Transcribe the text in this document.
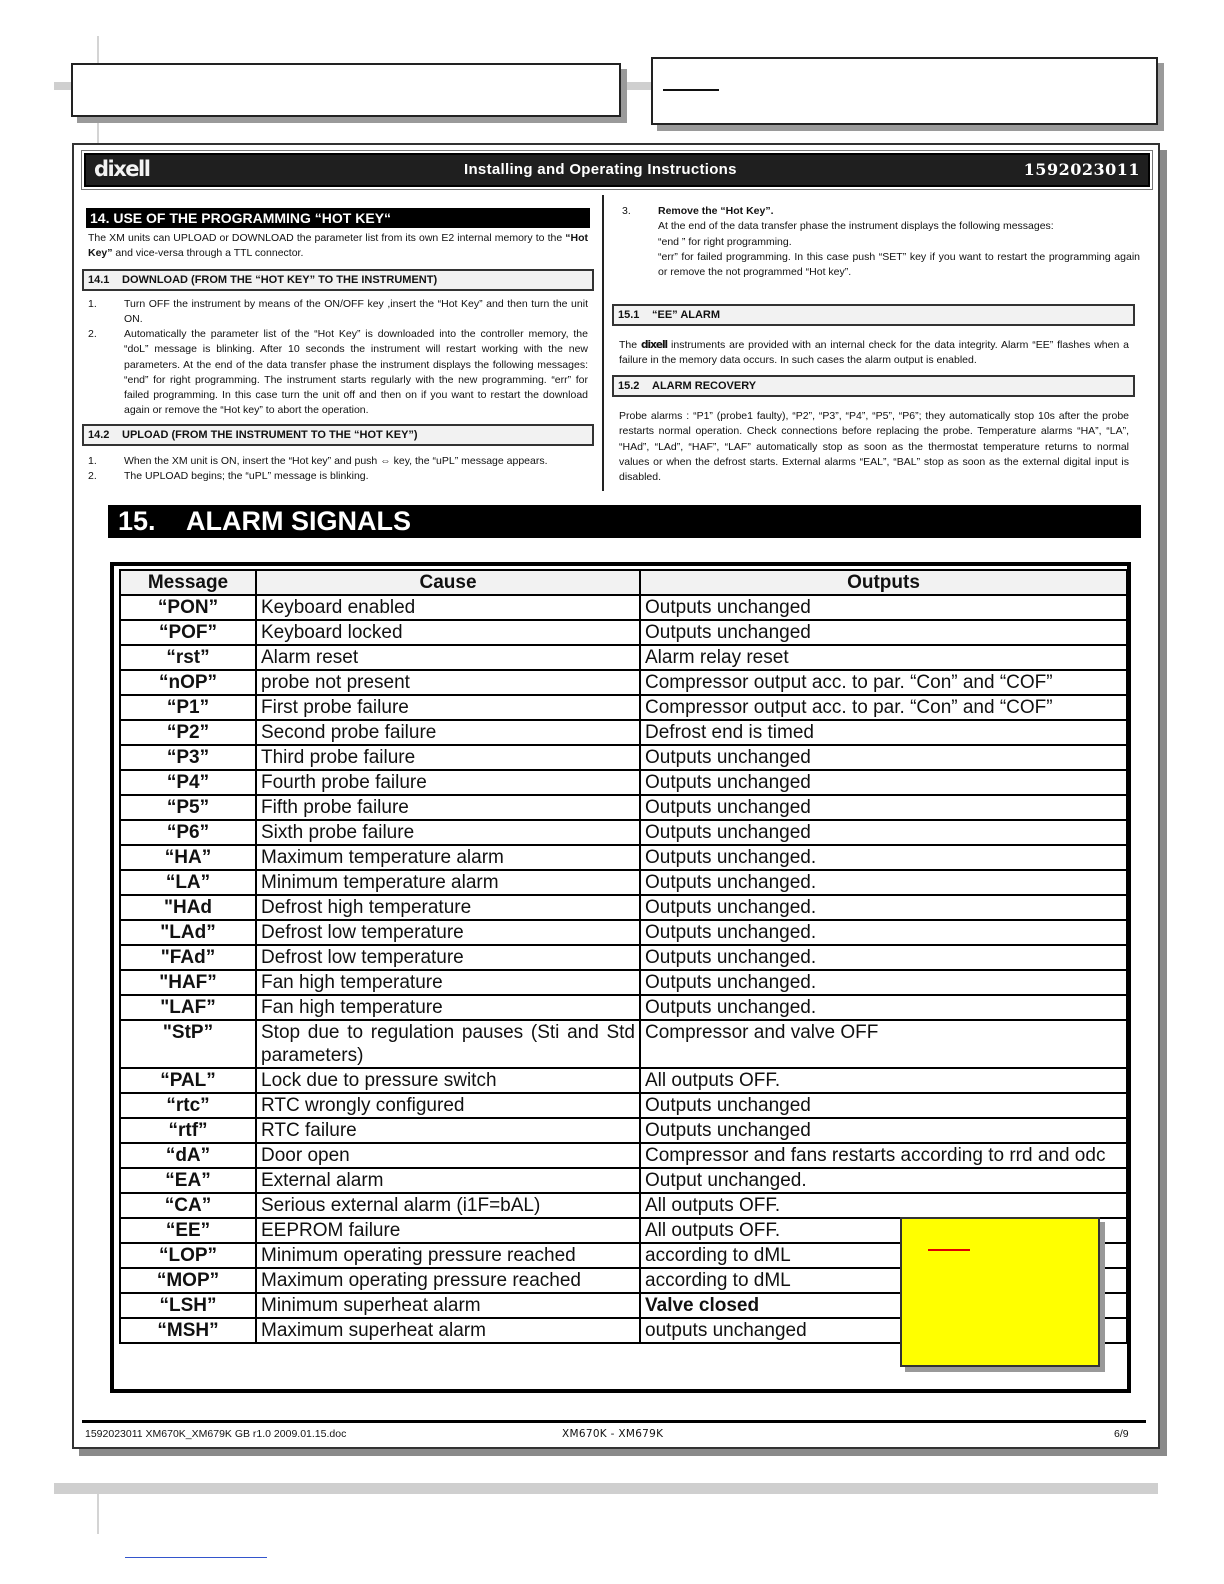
dixell	Installing and Operating Instructions	1592023011
14. USE OF THE PROGRAMMING “HOT KEY“
The XM units can UPLOAD or DOWNLOAD the parameter list from its own E2 internal memory to the “Hot Key” and vice-versa through a TTL connector.
14.1 DOWNLOAD (FROM THE “HOT KEY” TO THE INSTRUMENT)
1.	Turn OFF the instrument by means of the ON/OFF key ,insert the “Hot Key” and then turn the unit ON.
2.	Automatically the parameter list of the “Hot Key” is downloaded into the controller memory, the “doL” message is blinking. After 10 seconds the instrument will restart working with the new parameters. At the end of the data transfer phase the instrument displays the following messages: “end” for right programming. The instrument starts regularly with the new programming. “err” for failed programming. In this case turn the unit off and then on if you want to restart the download again or remove the “Hot key” to abort the operation.
14.2 UPLOAD (FROM THE INSTRUMENT TO THE “HOT KEY”)
1.	When the XM unit is ON, insert the “Hot key” and push ⇔ key, the “uPL” message appears.
2.	The UPLOAD begins; the “uPL” message is blinking.
3.	Remove the “Hot Key”.
At the end of the data transfer phase the instrument displays the following messages:
“end ” for right programming.
“err” for failed programming. In this case push “SET” key if you want to restart the programming again or remove the not programmed “Hot key”.
15.1 “EE” ALARM
The dixell instruments are provided with an internal check for the data integrity. Alarm “EE” flashes when a failure in the memory data occurs. In such cases the alarm output is enabled.
15.2 ALARM RECOVERY
Probe alarms : “P1” (probe1 faulty), “P2”, “P3”, “P4”, “P5”, “P6”; they automatically stop 10s after the probe restarts normal operation. Check connections before replacing the probe. Temperature alarms “HA”, “LA”, “HAd”, “LAd”, “HAF”, “LAF” automatically stop as soon as the thermostat temperature returns to normal values or when the defrost starts. External alarms “EAL”, “BAL” stop as soon as the external digital input is disabled.
15. ALARM SIGNALS
Message	Cause	Outputs
“PON”	Keyboard enabled	Outputs unchanged
“POF”	Keyboard locked	Outputs unchanged
“rst”	Alarm reset	Alarm relay reset
“nOP”	probe not present	Compressor output acc. to par. “Con” and “COF”
“P1”	First probe failure	Compressor output acc. to par. “Con” and “COF”
“P2”	Second probe failure	Defrost end is timed
“P3”	Third probe failure	Outputs unchanged
“P4”	Fourth probe failure	Outputs unchanged
“P5”	Fifth probe failure	Outputs unchanged
“P6”	Sixth probe failure	Outputs unchanged
“HA”	Maximum temperature alarm	Outputs unchanged.
“LA”	Minimum temperature alarm	Outputs unchanged.
"HAd	Defrost high temperature	Outputs unchanged.
"LAd”	Defrost low temperature	Outputs unchanged.
"FAd”	Defrost low temperature	Outputs unchanged.
"HAF”	Fan high temperature	Outputs unchanged.
"LAF”	Fan high temperature	Outputs unchanged.
"StP”	Stop due to regulation pauses (Sti and Std parameters)	Compressor and valve OFF
“PAL”	Lock due to pressure switch	All outputs OFF.
“rtc”	RTC wrongly configured	Outputs unchanged
“rtf”	RTC failure	Outputs unchanged
“dA”	Door open	Compressor and fans restarts according to rrd and odc
“EA”	External alarm	Output unchanged.
“CA”	Serious external alarm (i1F=bAL)	All outputs OFF.
“EE”	EEPROM failure	All outputs OFF.
“LOP”	Minimum operating pressure reached	according to dML
“MOP”	Maximum operating pressure reached	according to dML
“LSH”	Minimum superheat alarm	Valve closed
“MSH”	Maximum superheat alarm	outputs unchanged
1592023011 XM670K_XM679K GB r1.0 2009.01.15.doc	XM670K - XM679K	6/9
